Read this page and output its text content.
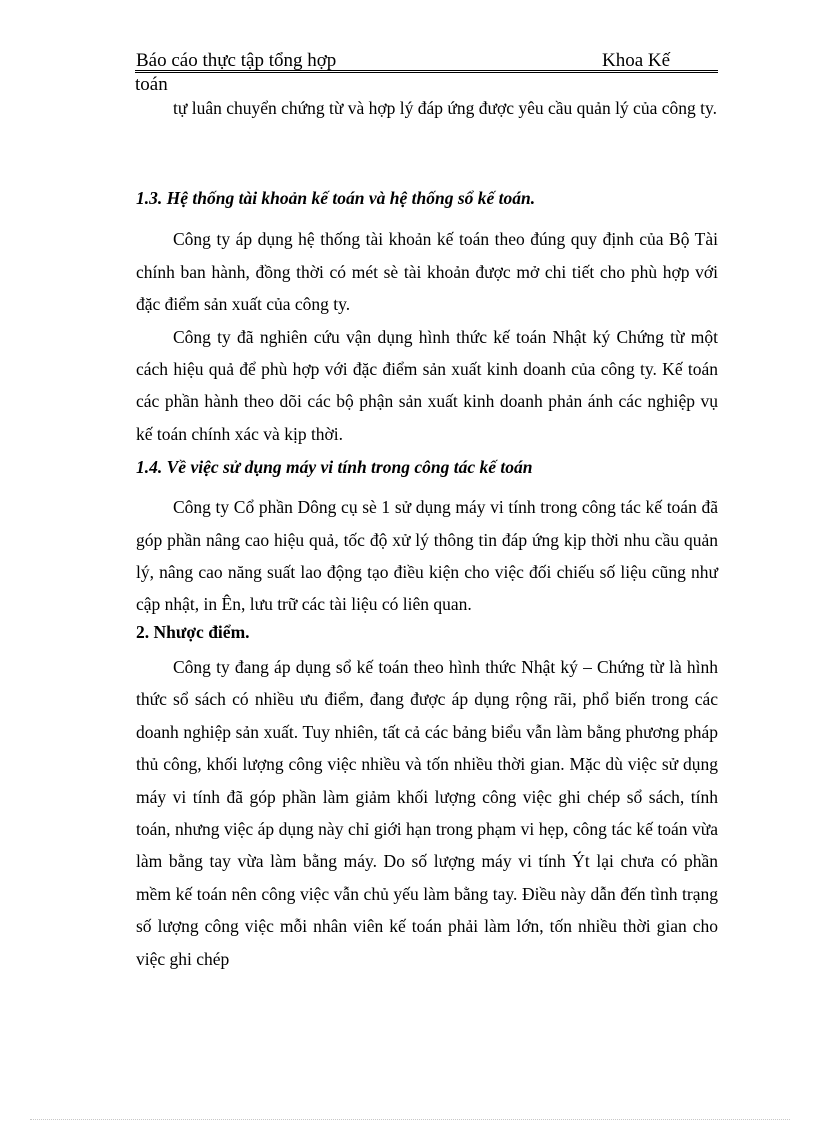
Báo cáo thực tập tổng hợp	Khoa Kế
toán

tự luân chuyển chứng từ và hợp lý đáp ứng được yêu cầu quản lý của công ty.

1.3. Hệ thống tài khoản kế toán và hệ thống sổ kế toán.

Công ty áp dụng hệ thống tài khoản kế toán theo đúng quy định của Bộ Tài chính ban hành, đồng thời có mét sè tài khoản được mở chi tiết cho phù hợp với đặc điểm sản xuất của công ty.

Công ty đã nghiên cứu vận dụng hình thức kế toán Nhật ký Chứng từ một cách hiệu quả để phù hợp với đặc điểm sản xuất kinh doanh của công ty. Kế toán các phần hành theo dõi các bộ phận sản xuất kinh doanh phản ánh các nghiệp vụ kế toán chính xác và kịp thời.

1.4. Về việc sử dụng máy vi tính trong công tác kế toán

Công ty Cổ phần Dông cụ sè 1 sử dụng máy vi tính trong công tác kế toán đã góp phần nâng cao hiệu quả, tốc độ xử lý thông tin đáp ứng kịp thời nhu cầu quản lý, nâng cao năng suất lao động tạo điều kiện cho việc đối chiếu số liệu cũng như cập nhật, in Ên, lưu trữ các tài liệu có liên quan.

2. Nhược điểm.

Công ty đang áp dụng sổ kế toán theo hình thức Nhật ký – Chứng từ là hình thức sổ sách có nhiều ưu điểm, đang được áp dụng rộng rãi, phổ biến trong các doanh nghiệp sản xuất. Tuy nhiên, tất cả các bảng biểu vẫn làm bằng phương pháp thủ công, khối lượng công việc nhiều và tốn nhiều thời gian. Mặc dù việc sử dụng máy vi tính đã góp phần làm giảm khối lượng công việc ghi chép sổ sách, tính toán, nhưng việc áp dụng này chỉ giới hạn trong phạm vi hẹp, công tác kế toán vừa làm bằng tay vừa làm bằng máy. Do số lượng máy vi tính Ýt lại chưa có phần mềm kế toán nên công việc vẫn chủ yếu làm bằng tay. Điều này dẫn đến tình trạng số lượng công việc mỗi nhân viên kế toán phải làm lớn, tốn nhiều thời gian cho việc ghi chép
